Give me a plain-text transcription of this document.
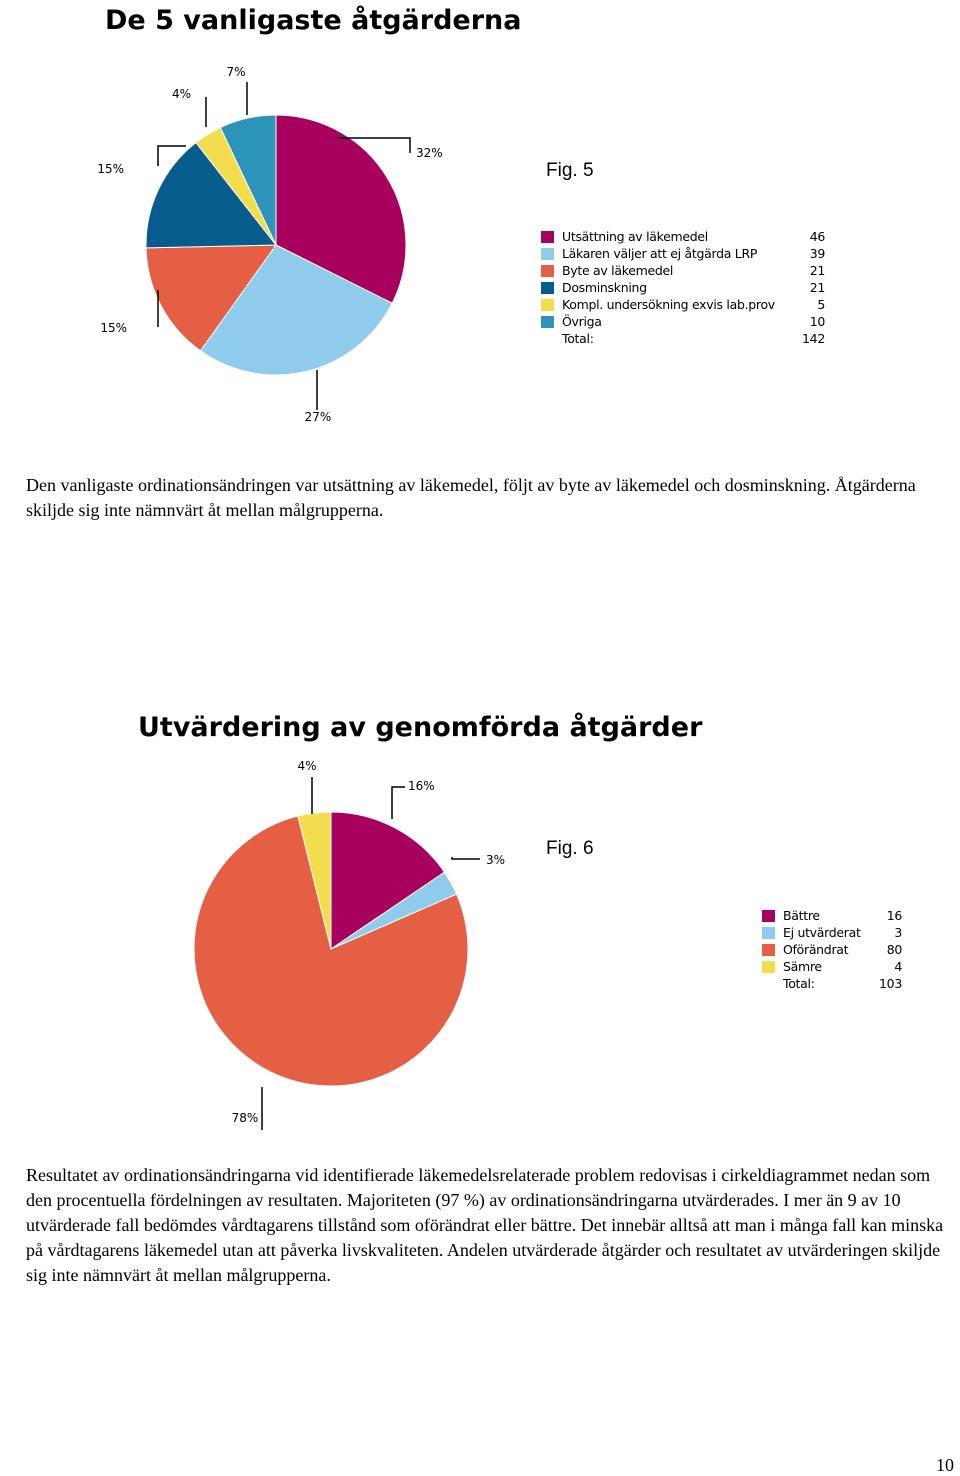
De 5 vanligaste åtgärderna
Fig. 5
32%
27%
15%
15%
4%
7%
Utsättning av läkemedel	46
Läkaren väljer att ej åtgärda LRP	39
Byte av läkemedel	21
Dosminskning	21
Kompl. undersökning exvis lab.prov	5
Övriga	10
Total:	142

Den vanligaste ordinationsändringen var utsättning av läkemedel, följt av byte av läkemedel och dosminskning. Åtgärderna skiljde sig inte nämnvärt åt mellan målgrupperna.

Utvärdering av genomförda åtgärder
Fig. 6
16%
3%
78%
4%
Bättre	16
Ej utvärderat	3
Oförändrat	80
Sämre	4
Total:	103

Resultatet av ordinationsändringarna vid identifierade läkemedelsrelaterade problem redovisas i cirkeldiagrammet nedan som den procentuella fördelningen av resultaten. Majoriteten (97 %) av ordinationsändringarna utvärderades. I mer än 9 av 10 utvärderade fall bedömdes vårdtagarens tillstånd som oförändrat eller bättre. Det innebär alltså att man i många fall kan minska på vårdtagarens läkemedel utan att påverka livskvaliteten. Andelen utvärderade åtgärder och resultatet av utvärderingen skiljde sig inte nämnvärt åt mellan målgrupperna.

10
